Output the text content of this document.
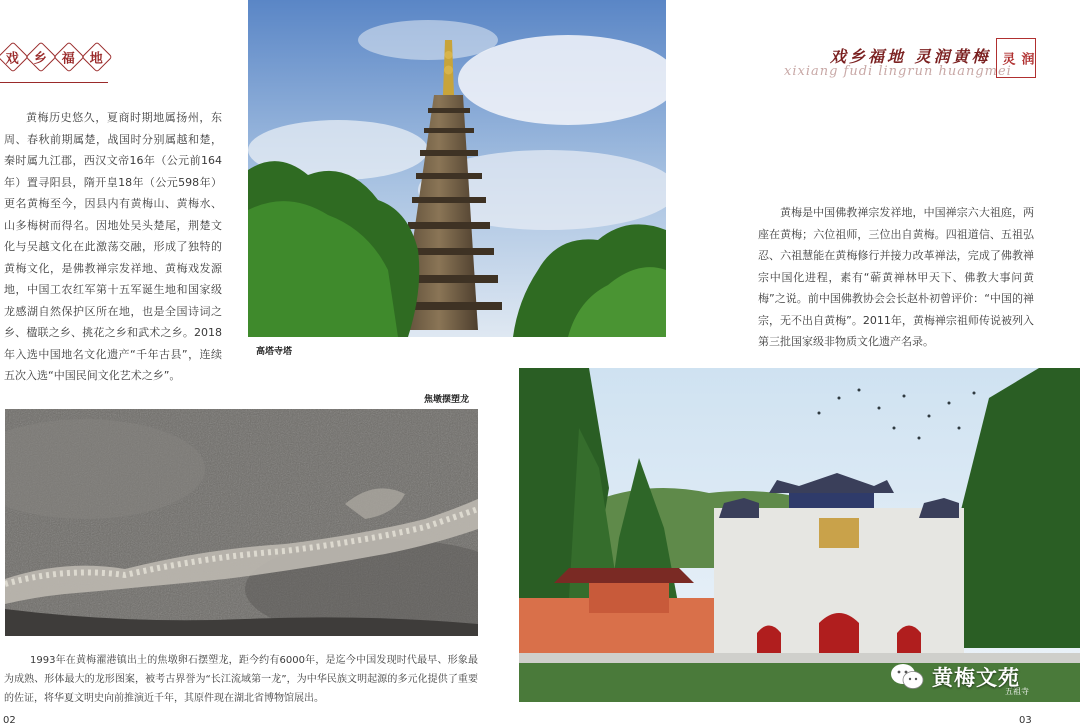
戏 乡 福 地
黄梅历史悠久，夏商时期地属扬州，东周、春秋前期属楚，战国时分别属越和楚，秦时属九江郡，西汉文帝16年（公元前164年）置寻阳县，隋开皇18年（公元598年）更名黄梅至今，因县内有黄梅山、黄梅水、山多梅树而得名。因地处吴头楚尾，荆楚文化与吴越文化在此激荡交融，形成了独特的黄梅文化，是佛教禅宗发祥地、黄梅戏发源地，中国工农红军第十五军诞生地和国家级龙感湖自然保护区所在地，也是全国诗词之乡、楹联之乡、挑花之乡和武术之乡。2018年入选中国地名文化遗产“千年古县”，连续五次入选“中国民间文化艺术之乡”。
高塔寺塔
焦墩摆塑龙
1993年在黄梅濯港镇出土的焦墩卵石摆塑龙，距今约有6000年，是迄今中国发现时代最早、形象最为成熟、形体最大的龙形图案，被考古界誉为“长江流域第一龙”，为中华民族文明起源的多元化提供了重要的佐证，将华夏文明史向前推演近千年，其原件现在湖北省博物馆展出。
02
戏乡福地 灵润黄梅
xixiang fudi lingrun huangmei
灵 润
黄梅是中国佛教禅宗发祥地，中国禅宗六大祖庭，两座在黄梅；六位祖师，三位出自黄梅。四祖道信、五祖弘忍、六祖慧能在黄梅修行并接力改革禅法，完成了佛教禅宗中国化进程，素有“蕲黄禅林甲天下、佛教大事问黄梅”之说。前中国佛教协会会长赵朴初曾评价：“中国的禅宗，无不出自黄梅”。2011年，黄梅禅宗祖师传说被列入第三批国家级非物质文化遗产名录。
五祖寺
黄梅文苑
03
